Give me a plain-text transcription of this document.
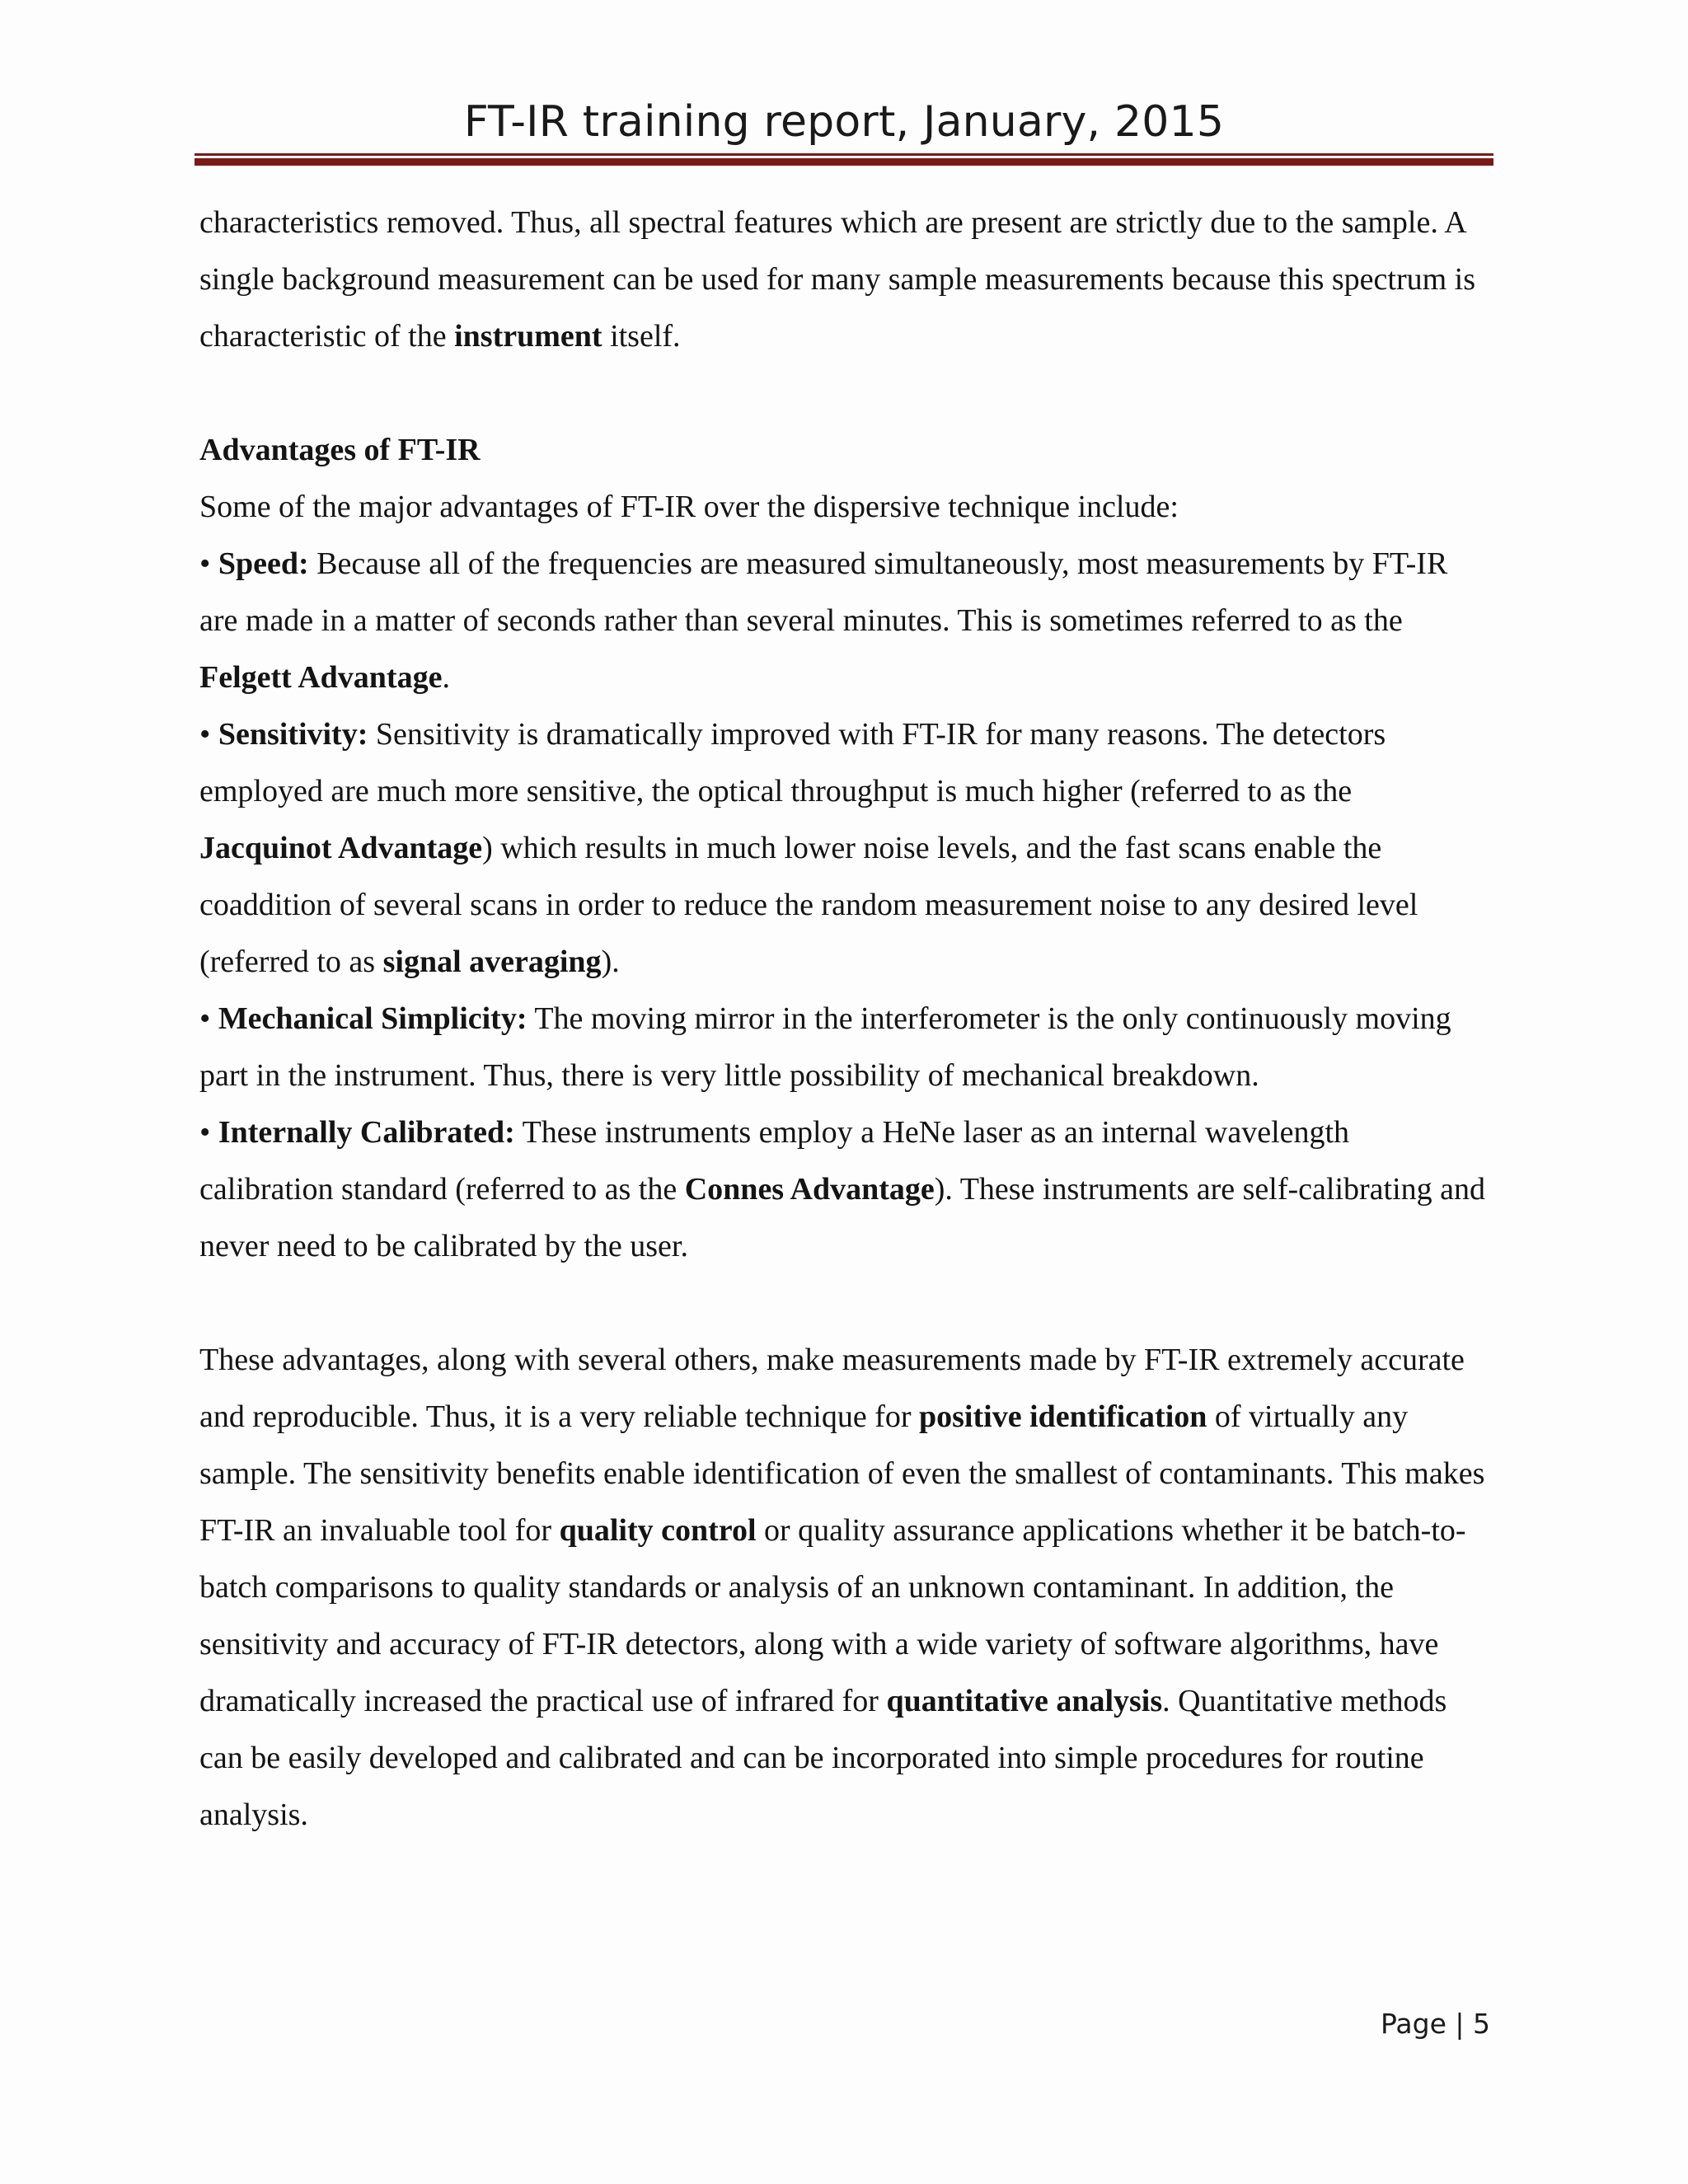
FT-IR training report, January, 2015

characteristics removed. Thus, all spectral features which are present are strictly due to the sample. A single background measurement can be used for many sample measurements because this spectrum is characteristic of the instrument itself.

Advantages of FT-IR

Some of the major advantages of FT-IR over the dispersive technique include:

• Speed: Because all of the frequencies are measured simultaneously, most measurements by FT-IR are made in a matter of seconds rather than several minutes. This is sometimes referred to as the Felgett Advantage.

• Sensitivity: Sensitivity is dramatically improved with FT-IR for many reasons. The detectors employed are much more sensitive, the optical throughput is much higher (referred to as the Jacquinot Advantage) which results in much lower noise levels, and the fast scans enable the coaddition of several scans in order to reduce the random measurement noise to any desired level (referred to as signal averaging).

• Mechanical Simplicity: The moving mirror in the interferometer is the only continuously moving part in the instrument. Thus, there is very little possibility of mechanical breakdown.

• Internally Calibrated: These instruments employ a HeNe laser as an internal wavelength calibration standard (referred to as the Connes Advantage). These instruments are self-calibrating and never need to be calibrated by the user.

These advantages, along with several others, make measurements made by FT-IR extremely accurate and reproducible. Thus, it is a very reliable technique for positive identification of virtually any sample. The sensitivity benefits enable identification of even the smallest of contaminants. This makes FT-IR an invaluable tool for quality control or quality assurance applications whether it be batch-to-batch comparisons to quality standards or analysis of an unknown contaminant. In addition, the sensitivity and accuracy of FT-IR detectors, along with a wide variety of software algorithms, have dramatically increased the practical use of infrared for quantitative analysis. Quantitative methods can be easily developed and calibrated and can be incorporated into simple procedures for routine analysis.

Page | 5
